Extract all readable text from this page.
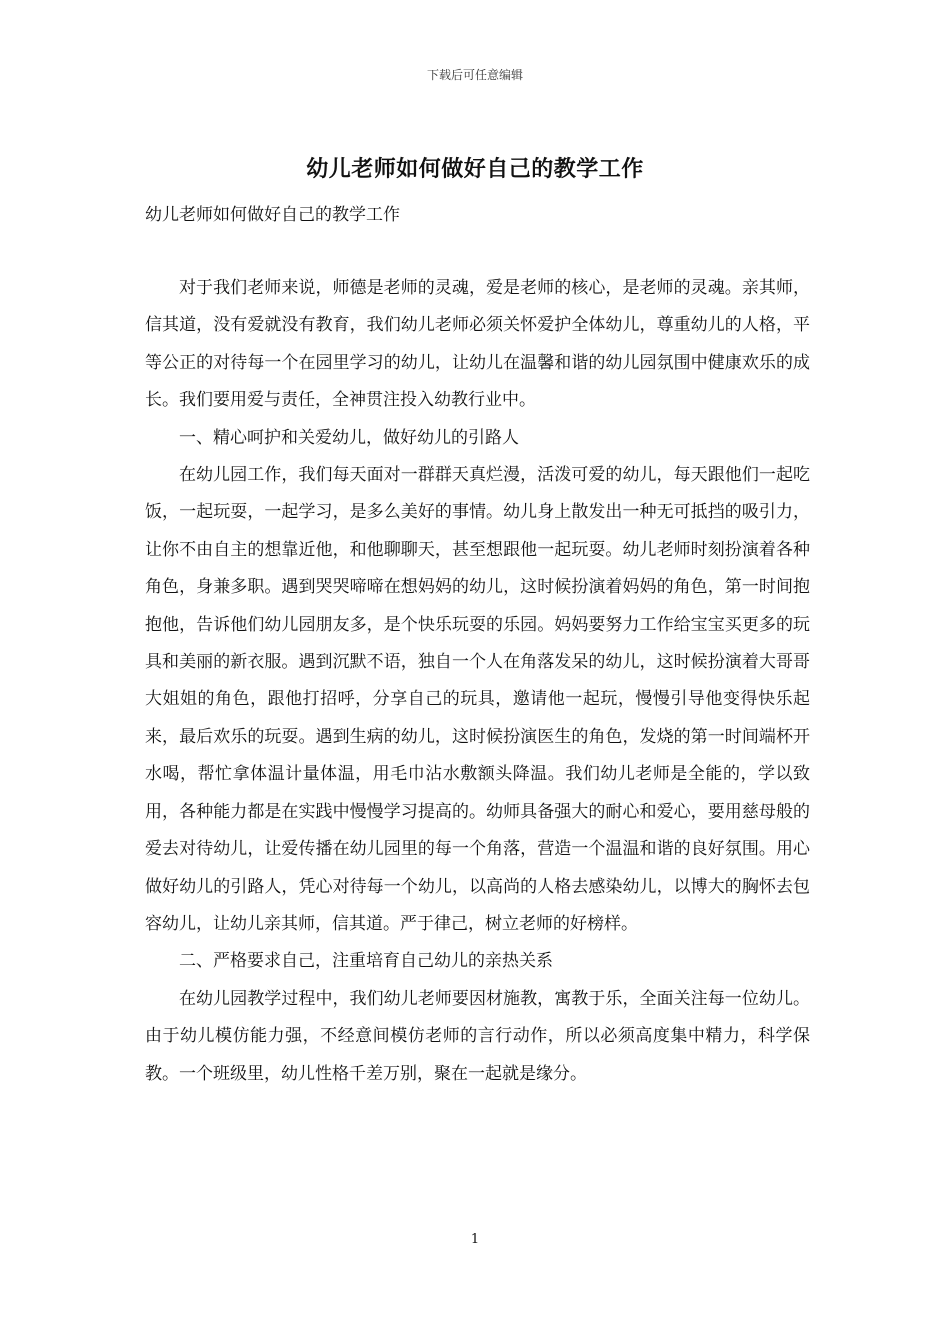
下载后可任意编辑
幼儿老师如何做好自己的教学工作
幼儿老师如何做好自己的教学工作

对于我们老师来说，师德是老师的灵魂，爱是老师的核心，是老师的灵魂。亲其师，信其道，没有爱就没有教育，我们幼儿老师必须关怀爱护全体幼儿，尊重幼儿的人格，平等公正的对待每一个在园里学习的幼儿，让幼儿在温馨和谐的幼儿园氛围中健康欢乐的成长。我们要用爱与责任，全神贯注投入幼教行业中。

一、精心呵护和关爱幼儿，做好幼儿的引路人

在幼儿园工作，我们每天面对一群群天真烂漫，活泼可爱的幼儿，每天跟他们一起吃饭，一起玩耍，一起学习，是多么美好的事情。幼儿身上散发出一种无可抵挡的吸引力，让你不由自主的想靠近他，和他聊聊天，甚至想跟他一起玩耍。幼儿老师时刻扮演着各种角色，身兼多职。遇到哭哭啼啼在想妈妈的幼儿，这时候扮演着妈妈的角色，第一时间抱抱他，告诉他们幼儿园朋友多，是个快乐玩耍的乐园。妈妈要努力工作给宝宝买更多的玩具和美丽的新衣服。遇到沉默不语，独自一个人在角落发呆的幼儿，这时候扮演着大哥哥大姐姐的角色，跟他打招呼，分享自己的玩具，邀请他一起玩，慢慢引导他变得快乐起来，最后欢乐的玩耍。遇到生病的幼儿，这时候扮演医生的角色，发烧的第一时间端杯开水喝，帮忙拿体温计量体温，用毛巾沾水敷额头降温。我们幼儿老师是全能的，学以致用，各种能力都是在实践中慢慢学习提高的。幼师具备强大的耐心和爱心，要用慈母般的爱去对待幼儿，让爱传播在幼儿园里的每一个角落，营造一个温温和谐的良好氛围。用心做好幼儿的引路人，凭心对待每一个幼儿，以高尚的人格去感染幼儿，以博大的胸怀去包容幼儿，让幼儿亲其师，信其道。严于律己，树立老师的好榜样。

二、严格要求自己，注重培育自己幼儿的亲热关系

在幼儿园教学过程中，我们幼儿老师要因材施教，寓教于乐，全面关注每一位幼儿。由于幼儿模仿能力强，不经意间模仿老师的言行动作，所以必须高度集中精力，科学保教。一个班级里，幼儿性格千差万别，聚在一起就是缘分。

1
